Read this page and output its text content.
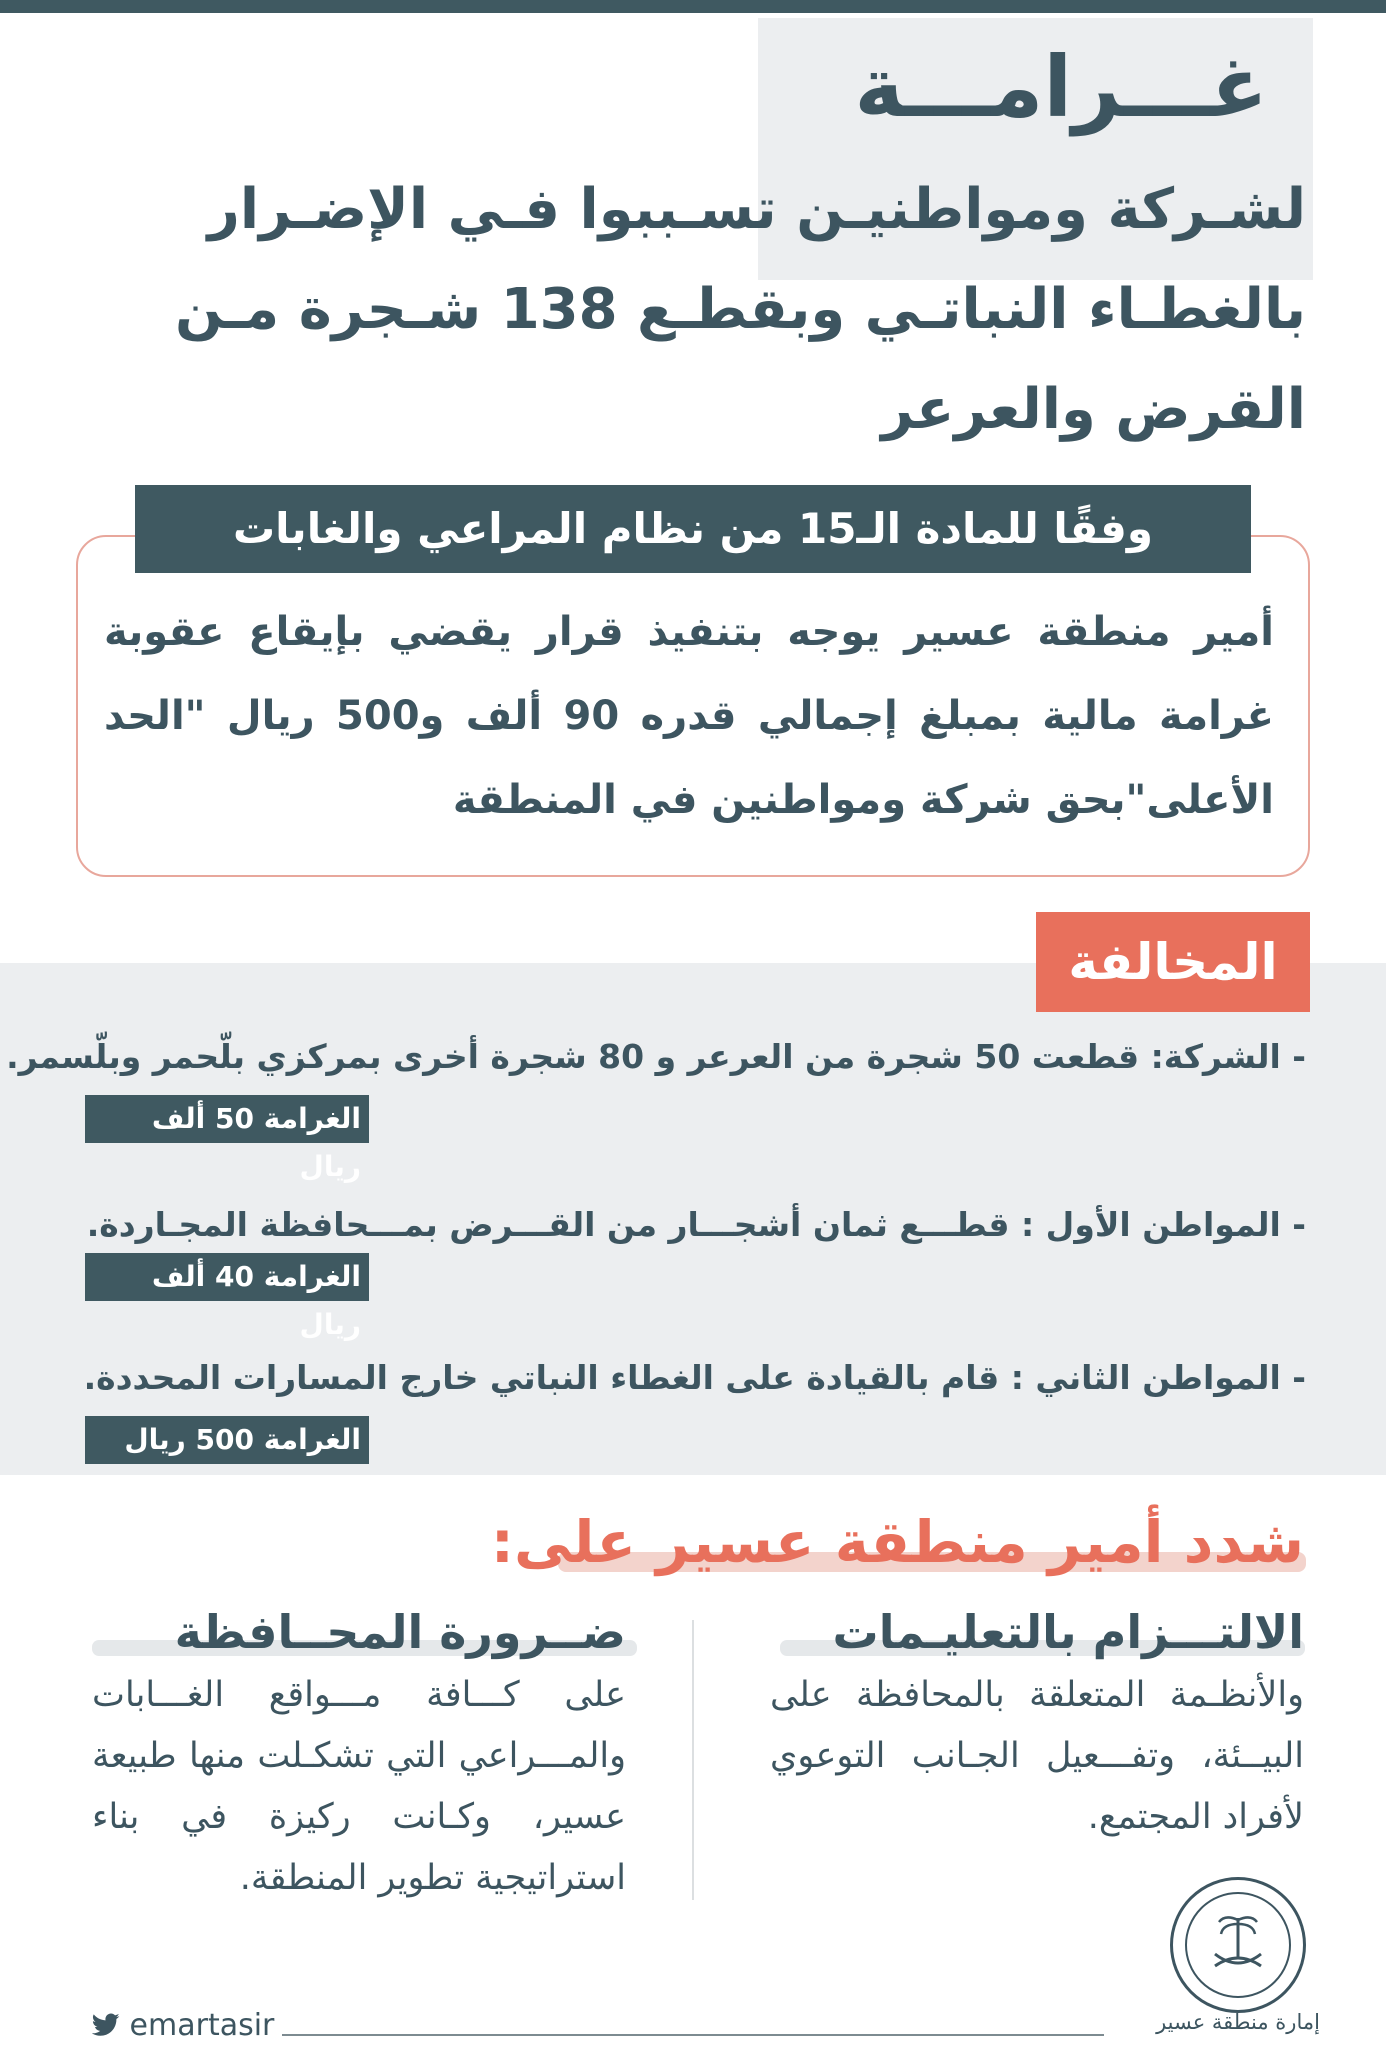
غـــرامـــة
لشـركة ومواطنيـن تسـببوا فـي الإضـرار بالغطـاء النباتـي وبقطـع 138 شـجرة مـن القرض والعرعر
وفقًا للمادة الـ15 من نظام المراعي والغابات
أمير منطقة عسير يوجه بتنفيذ قرار يقضي بإيقاع عقوبة غرامة مالية بمبلغ إجمالي قدره 90 ألف و500 ريال "الحد الأعلى"بحق شركة ومواطنين في المنطقة
المخالفة
- الشركة: قطعت 50 شجرة من العرعر و 80 شجرة أخرى بمركزي بلّحمر وبلّسمر.
الغرامة 50 ألف ريال
- المواطن الأول : قطـــع ثمان أشجـــار من القـــرض بمـــحافظة المجـاردة.
الغرامة 40 ألف ريال
- المواطن الثاني : قام بالقيادة على الغطاء النباتي خارج المسارات المحددة.
الغرامة 500 ريال
شدد أمير منطقة عسير على:
الالتـــزام بالتعليـمات
والأنظـمة المتعلقة بالمحافظة على البيــئة، وتفـــعيل الجـانب التوعوي لأفراد المجتمع.
ضــرورة المحــافظة
على كـــافة مـــواقع الغـــابات والمـــراعي التي تشكـلت منها طبيعة عسير، وكـانت ركيزة في بناء استراتيجية تطوير المنطقة.
emartasir	إمارة منطقة عسير
